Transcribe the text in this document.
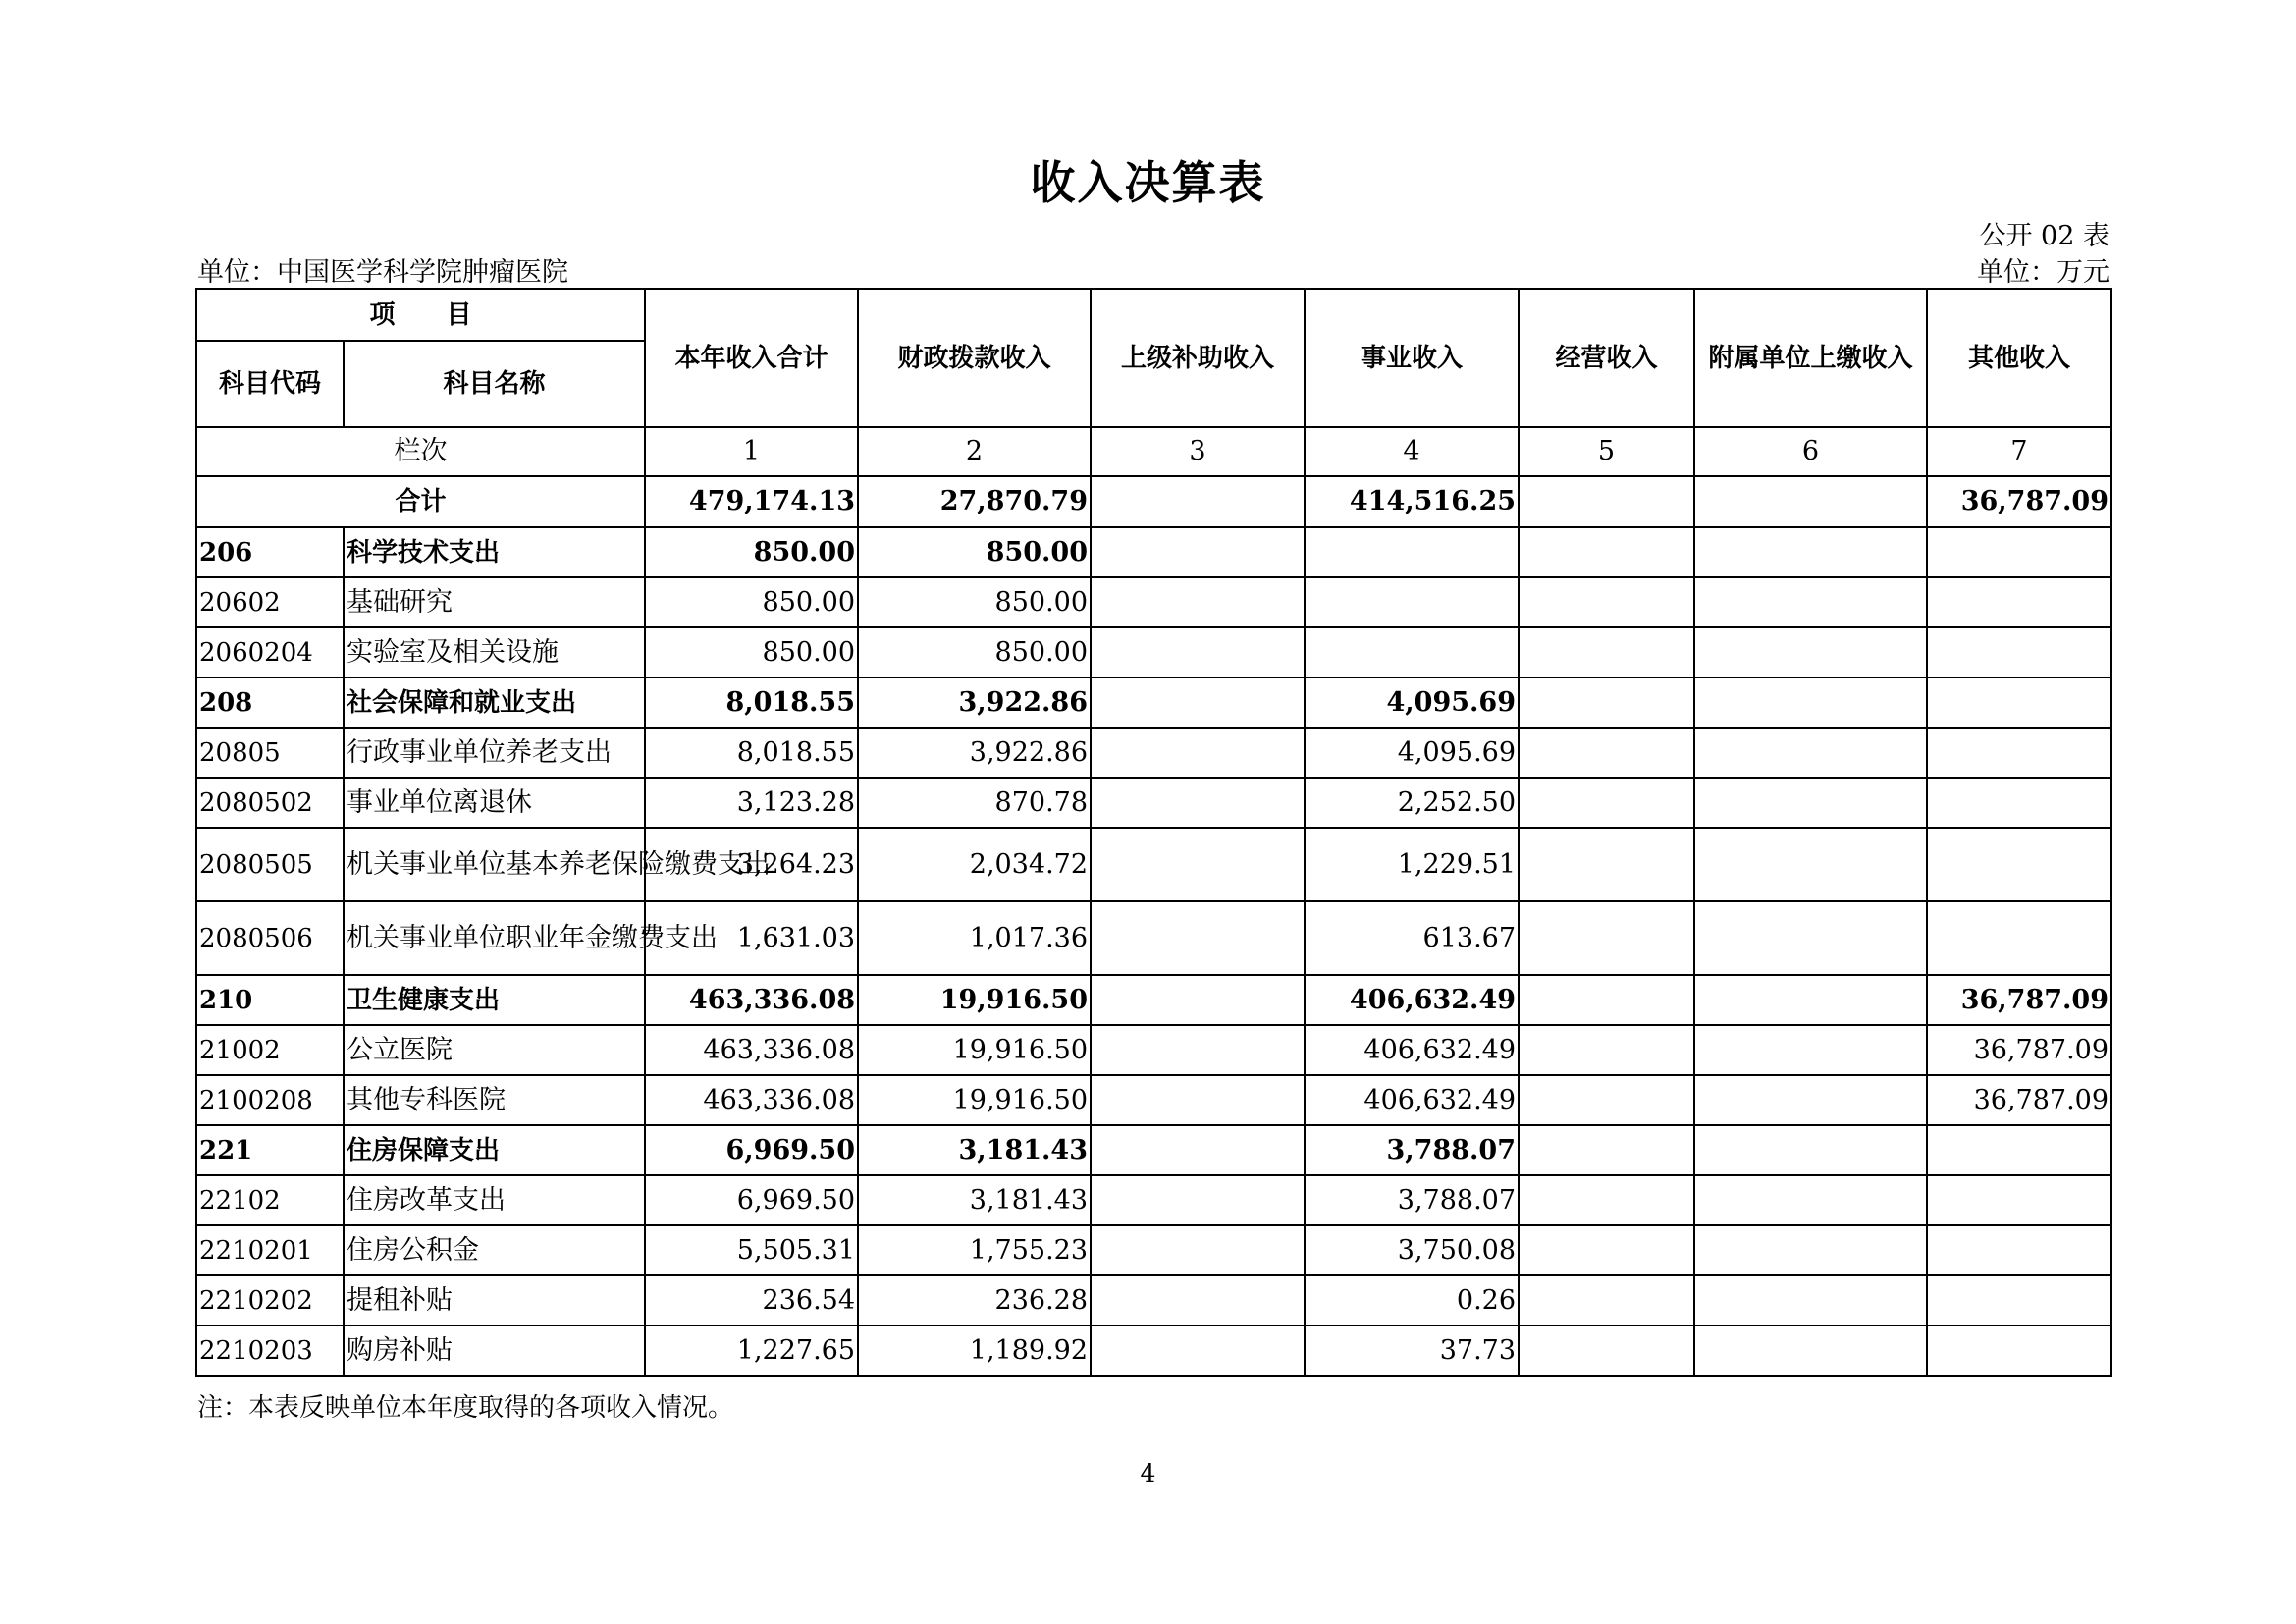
收入决算表
公开 02 表
单位：中国医学科学院肿瘤医院	单位：万元
项　　目		本年收入合计	财政拨款收入	上级补助收入	事业收入	经营收入	附属单位上缴收入	其他收入
科目代码	科目名称							
栏次		1	2	3	4	5	6	7
合计		479,174.13	27,870.79		414,516.25			36,787.09
206	科学技术支出	850.00	850.00					
20602	基础研究	850.00	850.00					
2060204	实验室及相关设施	850.00	850.00					
208	社会保障和就业支出	8,018.55	3,922.86		4,095.69			
20805	行政事业单位养老支出	8,018.55	3,922.86		4,095.69			
2080502	事业单位离退休	3,123.28	870.78		2,252.50			
2080505	机关事业单位基本养老保险缴费支出	3,264.23	2,034.72		1,229.51			
2080506	机关事业单位职业年金缴费支出	1,631.03	1,017.36		613.67			
210	卫生健康支出	463,336.08	19,916.50		406,632.49			36,787.09
21002	公立医院	463,336.08	19,916.50		406,632.49			36,787.09
2100208	其他专科医院	463,336.08	19,916.50		406,632.49			36,787.09
221	住房保障支出	6,969.50	3,181.43		3,788.07			
22102	住房改革支出	6,969.50	3,181.43		3,788.07			
2210201	住房公积金	5,505.31	1,755.23		3,750.08			
2210202	提租补贴	236.54	236.28		0.26			
2210203	购房补贴	1,227.65	1,189.92		37.73			
注：本表反映单位本年度取得的各项收入情况。
4
